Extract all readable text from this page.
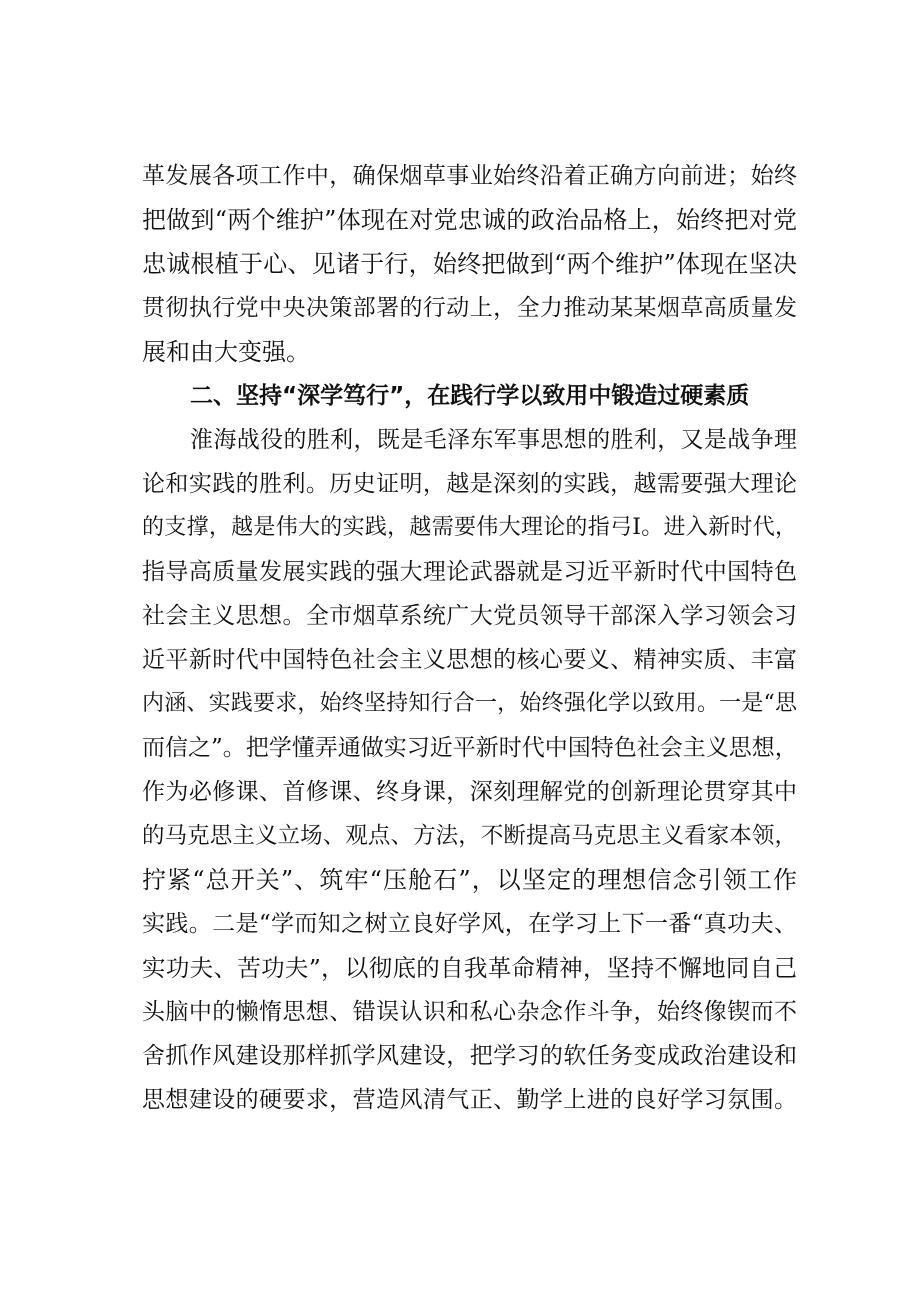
革发展各项工作中，确保烟草事业始终沿着正确方向前进；始终
把做到“两个维护”体现在对党忠诚的政治品格上，始终把对党
忠诚根植于心、见诸于行，始终把做到“两个维护”体现在坚决
贯彻执行党中央决策部署的行动上，全力推动某某烟草高质量发
展和由大变强。
二、坚持“深学笃行”，在践行学以致用中锻造过硬素质
淮海战役的胜利，既是毛泽东军事思想的胜利，又是战争理
论和实践的胜利。历史证明，越是深刻的实践，越需要强大理论
的支撑，越是伟大的实践，越需要伟大理论的指弓I。进入新时代，
指导高质量发展实践的强大理论武器就是习近平新时代中国特色
社会主义思想。全市烟草系统广大党员领导干部深入学习领会习
近平新时代中国特色社会主义思想的核心要义、精神实质、丰富
内涵、实践要求，始终坚持知行合一，始终强化学以致用。一是“思
而信之”。把学懂弄通做实习近平新时代中国特色社会主义思想，
作为必修课、首修课、终身课，深刻理解党的创新理论贯穿其中
的马克思主义立场、观点、方法，不断提高马克思主义看家本领，
拧紧“总开关”、筑牢“压舱石”，以坚定的理想信念引领工作
实践。二是“学而知之树立良好学风，在学习上下一番“真功夫、
实功夫、苦功夫”，以彻底的自我革命精神，坚持不懈地同自己
头脑中的懒惰思想、错误认识和私心杂念作斗争，始终像锲而不
舍抓作风建设那样抓学风建设，把学习的软任务变成政治建设和
思想建设的硬要求，营造风清气正、勤学上进的良好学习氛围。
